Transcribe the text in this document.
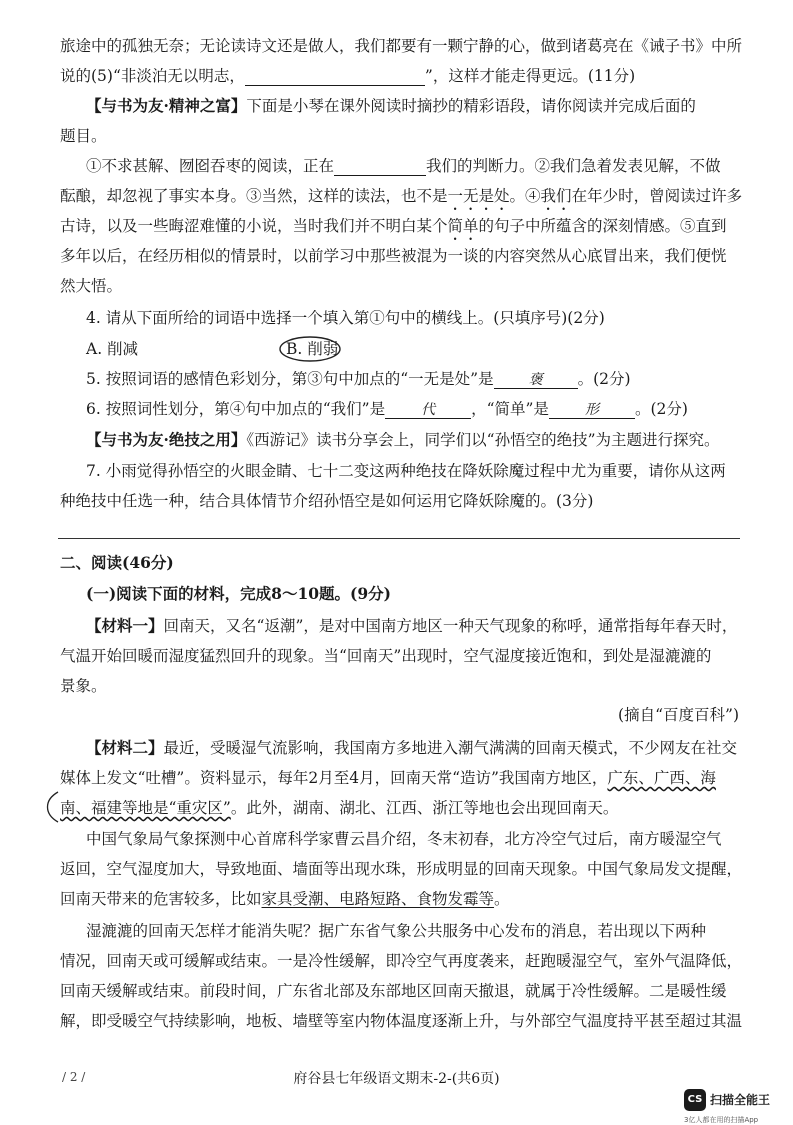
旅途中的孤独无奈；无论读诗文还是做人，我们都要有一颗宁静的心，做到诸葛亮在《诫子书》中所
说的(5)“非淡泊无以明志，	”，这样才能走得更远。(11分)
【与书为友·精神之富】下面是小琴在课外阅读时摘抄的精彩语段，请你阅读并完成后面的
题目。
①不求甚解、囫囵吞枣的阅读，正在	我们的判断力。②我们急着发表见解，不做
酝酿，却忽视了事实本身。③当然，这样的读法，也不是一无是处。④我们在年少时，曾阅读过许多
古诗，以及一些晦涩难懂的小说，当时我们并不明白某个简单的句子中所蕴含的深刻情感。⑤直到
多年以后，在经历相似的情景时，以前学习中那些被混为一谈的内容突然从心底冒出来，我们便恍
然大悟。
4. 请从下面所给的词语中选择一个填入第①句中的横线上。(只填序号)(2分)
A. 削减	B. 削弱
5. 按照词语的感情色彩划分，第③句中加点的“一无是处”是	褒 。(2分)
6. 按照词性划分，第④句中加点的“我们”是	代 ，“简单”是	形 。(2分)
【与书为友·绝技之用】《西游记》读书分享会上，同学们以“孙悟空的绝技”为主题进行探究。
7. 小雨觉得孙悟空的火眼金睛、七十二变这两种绝技在降妖除魔过程中尤为重要，请你从这两
种绝技中任选一种，结合具体情节介绍孙悟空是如何运用它降妖除魔的。(3分)
二、阅读(46分)
(一)阅读下面的材料，完成8～10题。(9分)
【材料一】回南天，又名“返潮”，是对中国南方地区一种天气现象的称呼，通常指每年春天时，
气温开始回暖而湿度猛烈回升的现象。当“回南天”出现时，空气湿度接近饱和，到处是湿漉漉的
景象。
(摘自“百度百科”)
【材料二】最近，受暖湿气流影响，我国南方多地进入潮气满满的回南天模式，不少网友在社交
媒体上发文“吐槽”。资料显示，每年2月至4月，回南天常“造访”我国南方地区，广东、广西、海
南、福建等地是“重灾区”。此外，湖南、湖北、江西、浙江等地也会出现回南天。
中国气象局气象探测中心首席科学家曹云昌介绍，冬末初春，北方冷空气过后，南方暖湿空气
返回，空气湿度加大，导致地面、墙面等出现水珠，形成明显的回南天现象。中国气象局发文提醒，
回南天带来的危害较多，比如家具受潮、电路短路、食物发霉等。
湿漉漉的回南天怎样才能消失呢？据广东省气象公共服务中心发布的消息，若出现以下两种
情况，回南天或可缓解或结束。一是冷性缓解，即冷空气再度袭来，赶跑暖湿空气，室外气温降低，
回南天缓解或结束。前段时间，广东省北部及东部地区回南天撤退，就属于冷性缓解。二是暖性缓
解，即受暖空气持续影响，地板、墙壁等室内物体温度逐渐上升，与外部空气温度持平甚至超过其温
/ 2 /	府谷县七年级语文期末-2-(共6页)
CS 扫描全能王
3亿人都在用的扫描App
